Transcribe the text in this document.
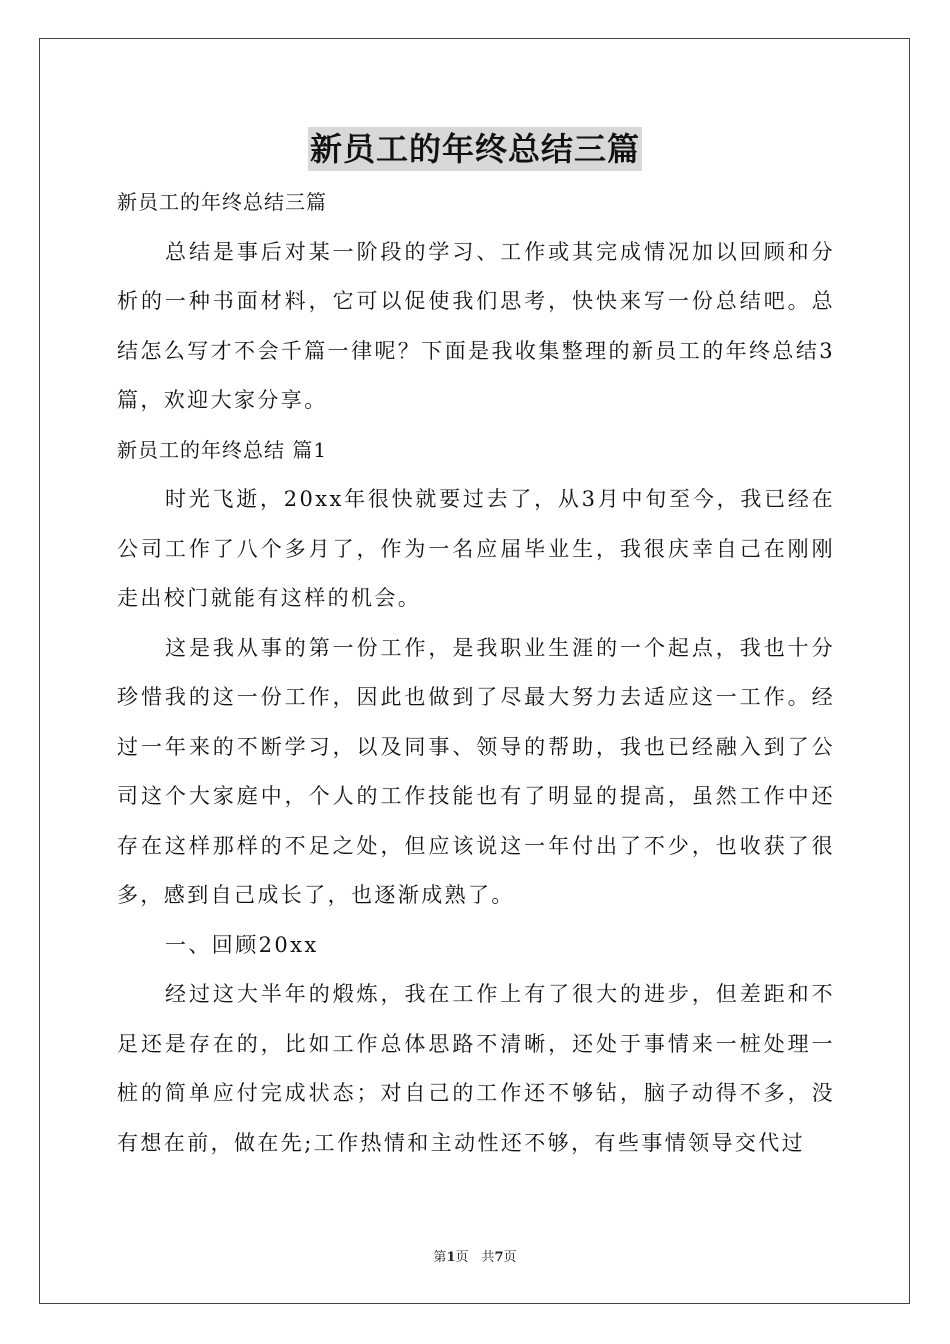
新员工的年终总结三篇
新员工的年终总结三篇
总结是事后对某一阶段的学习、工作或其完成情况加以回顾和分析的一种书面材料，它可以促使我们思考，快快来写一份总结吧。总结怎么写才不会千篇一律呢？下面是我收集整理的新员工的年终总结3篇，欢迎大家分享。
新员工的年终总结 篇1
时光飞逝，20xx年很快就要过去了，从3月中旬至今，我已经在公司工作了八个多月了，作为一名应届毕业生，我很庆幸自己在刚刚走出校门就能有这样的机会。
这是我从事的第一份工作，是我职业生涯的一个起点，我也十分珍惜我的这一份工作，因此也做到了尽最大努力去适应这一工作。经过一年来的不断学习，以及同事、领导的帮助，我也已经融入到了公司这个大家庭中，个人的工作技能也有了明显的提高，虽然工作中还存在这样那样的不足之处，但应该说这一年付出了不少，也收获了很多，感到自己成长了，也逐渐成熟了。
一、回顾20xx
经过这大半年的煅炼，我在工作上有了很大的进步，但差距和不足还是存在的，比如工作总体思路不清晰，还处于事情来一桩处理一桩的简单应付完成状态；对自己的工作还不够钻，脑子动得不多，没有想在前，做在先;工作热情和主动性还不够，有些事情领导交代过
第1页　共7页
